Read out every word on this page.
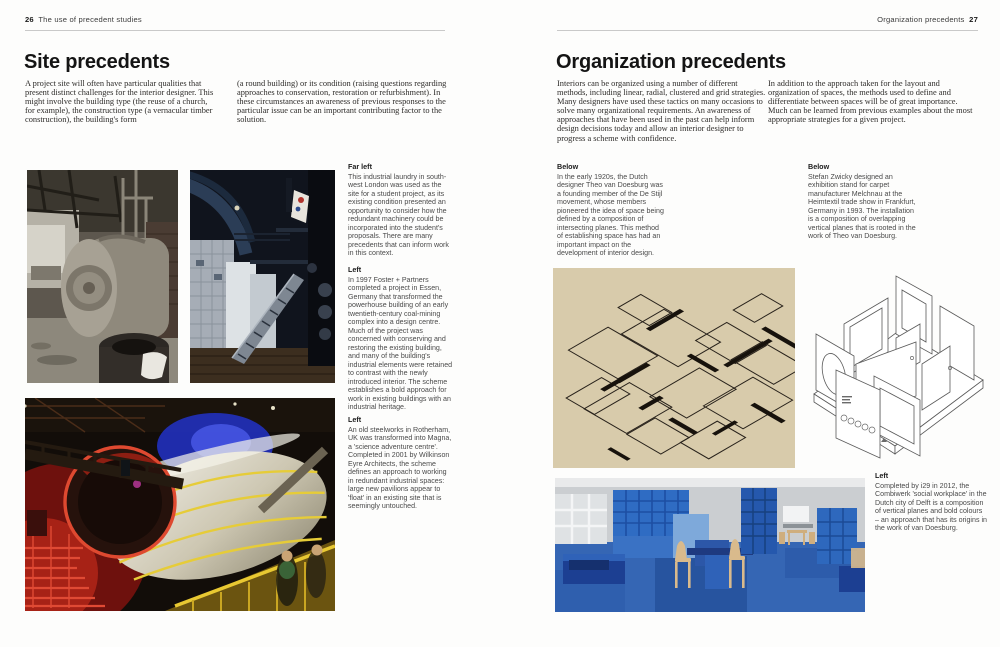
26 The use of precedent studies
Site precedents
A project site will often have particular qualities that present distinct challenges for the interior designer. This might involve the building type (the reuse of a church, for example), the construction type (a vernacular timber construction), the building's form
(a round building) or its condition (raising questions regarding approaches to conservation, restoration or refurbishment). In these circumstances an awareness of previous responses to the particular issue can be an important contributing factor to the solution.
Far left
This industrial laundry in south-west London was used as the site for a student project, as its existing condition presented an opportunity to consider how the redundant machinery could be incorporated into the student's proposals. There are many precedents that can inform work in this context.
Left
In 1997 Foster + Partners completed a project in Essen, Germany that transformed the powerhouse building of an early twentieth-century coal-mining complex into a design centre. Much of the project was concerned with conserving and restoring the existing building, and many of the building's industrial elements were retained to contrast with the newly introduced interior. The scheme establishes a bold approach for work in existing buildings with an industrial heritage.
Left
An old steelworks in Rotherham, UK was transformed into Magna, a 'science adventure centre'. Completed in 2001 by Wilkinson Eyre Architects, the scheme defines an approach to working in redundant industrial spaces: large new pavilions appear to 'float' in an existing site that is seemingly untouched.
Organization precedents 27
Organization precedents
Interiors can be organized using a number of different methods, including linear, radial, clustered and grid strategies. Many designers have used these tactics on many occasions to solve many organizational requirements. An awareness of approaches that have been used in the past can help inform design decisions today and allow an interior designer to progress a scheme with confidence.
In addition to the approach taken for the layout and organization of spaces, the methods used to define and differentiate between spaces will be of great importance. Much can be learned from previous examples about the most appropriate strategies for a given project.
Below
In the early 1920s, the Dutch designer Theo van Doesburg was a founding member of the De Stijl movement, whose members pioneered the idea of space being defined by a composition of intersecting planes. This method of establishing space has had an important impact on the development of interior design.
Below
Stefan Zwicky designed an exhibition stand for carpet manufacturer Melchnau at the Heimtextil trade show in Frankfurt, Germany in 1993. The installation is a composition of overlapping vertical planes that is rooted in the work of Theo van Doesburg.
Left
Completed by i29 in 2012, the Combiwerk 'social workplace' in the Dutch city of Delft is a composition of vertical planes and bold colours – an approach that has its origins in the work of van Doesburg.
